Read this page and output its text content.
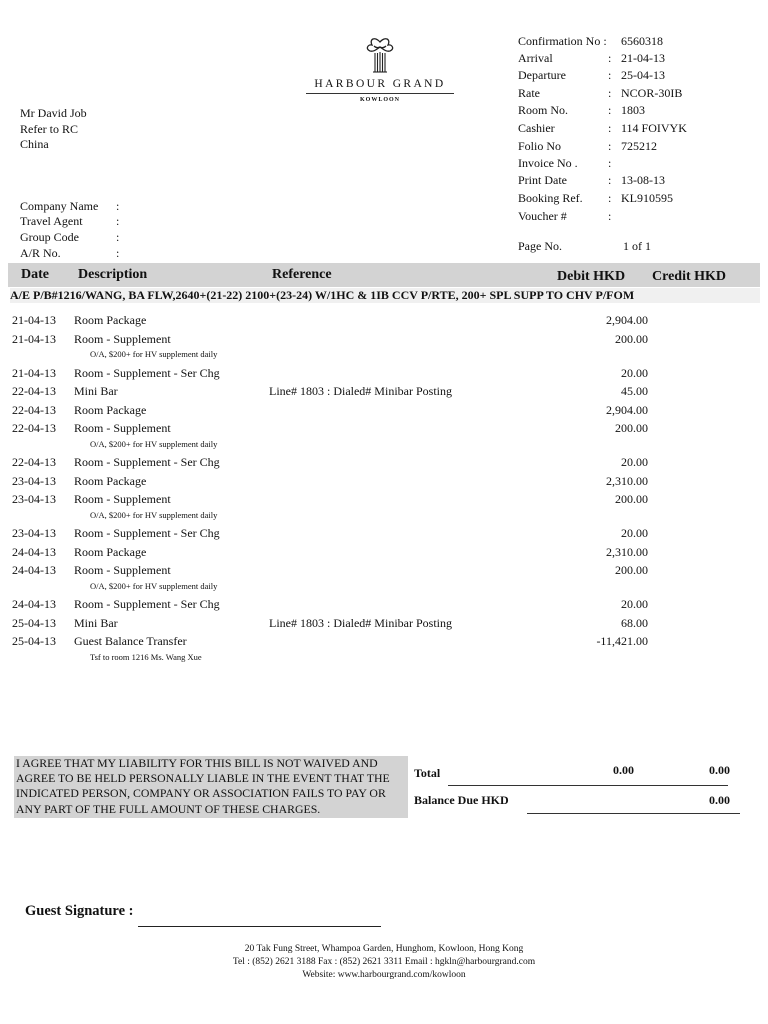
HARBOUR GRAND
KOWLOON
Mr David Job
Refer to RC
China
Company Name :
Travel Agent	:
Group Code	:
A/R No.	:
Confirmation No : 6560318
Arrival	: 21-04-13
Departure	: 25-04-13
Rate	: NCOR-30IB
Room No.	: 1803
Cashier	: 114 FOIVYK
Folio No	: 725212
Invoice No .	:
Print Date	: 13-08-13
Booking Ref. : KL910595
Voucher #	:
Page No.	1 of 1
Date Description	Reference	Debit HKD Credit HKD
A/E P/B#1216/WANG, BA FLW,2640+(21-22) 2100+(23-24) W/1HC & 1IB CCV P/RTE, 200+ SPL SUPP TO CHV P/FOM
21-04-13 Room Package	2,904.00
21-04-13 Room - Supplement	200.00
O/A, $200+ for HV supplement daily
21-04-13 Room - Supplement - Ser Chg	20.00
22-04-13 Mini Bar	Line# 1803 : Dialed# Minibar Posting	45.00
22-04-13 Room Package	2,904.00
22-04-13 Room - Supplement	200.00
O/A, $200+ for HV supplement daily
22-04-13 Room - Supplement - Ser Chg	20.00
23-04-13 Room Package	2,310.00
23-04-13 Room - Supplement	200.00
O/A, $200+ for HV supplement daily
23-04-13 Room - Supplement - Ser Chg	20.00
24-04-13 Room Package	2,310.00
24-04-13 Room - Supplement	200.00
O/A, $200+ for HV supplement daily
24-04-13 Room - Supplement - Ser Chg	20.00
25-04-13 Mini Bar	Line# 1803 : Dialed# Minibar Posting	68.00
25-04-13 Guest Balance Transfer	-11,421.00
Tsf to room 1216 Ms. Wang Xue
I AGREE THAT MY LIABILITY FOR THIS BILL IS NOT WAIVED AND AGREE TO BE HELD PERSONALLY LIABLE IN THE EVENT THAT THE INDICATED PERSON, COMPANY OR ASSOCIATION FAILS TO PAY OR ANY PART OF THE FULL AMOUNT OF THESE CHARGES.
Total	0.00	0.00
Balance Due HKD	0.00
Guest Signature :
20 Tak Fung Street, Whampoa Garden, Hunghom, Kowloon, Hong Kong
Tel : (852) 2621 3188 Fax : (852) 2621 3311 Email : hgkln@harbourgrand.com
Website: www.harbourgrand.com/kowloon
